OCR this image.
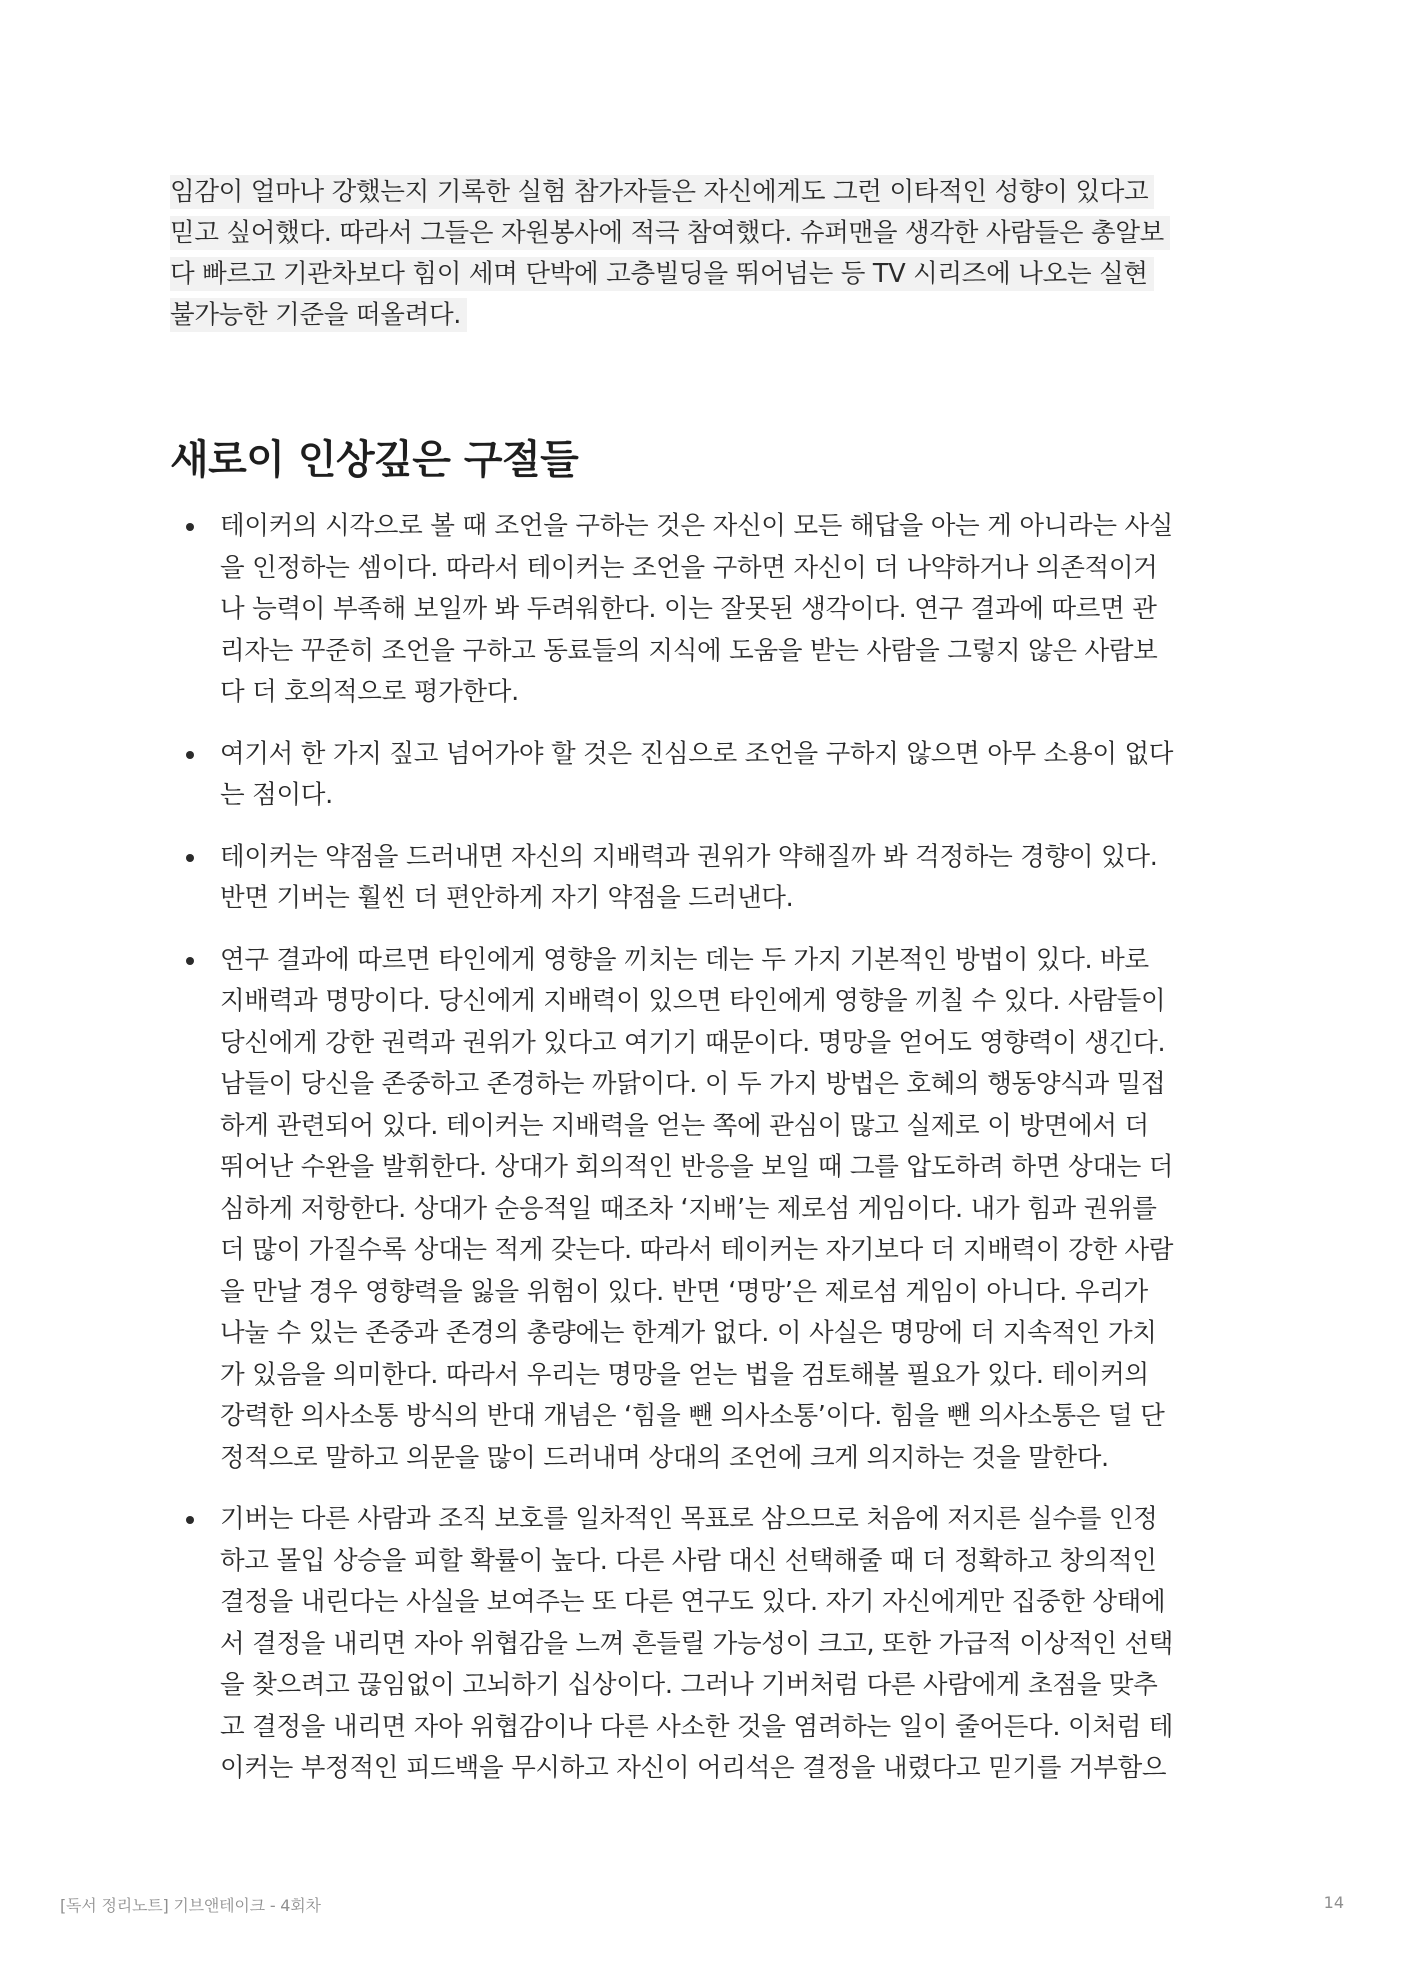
임감이 얼마나 강했는지 기록한 실험 참가자들은 자신에게도 그런 이타적인 성향이 있다고
믿고 싶어했다. 따라서 그들은 자원봉사에 적극 참여했다. 슈퍼맨을 생각한 사람들은 총알보
다 빠르고 기관차보다 힘이 세며 단박에 고층빌딩을 뛰어넘는 등 TV 시리즈에 나오는 실현
불가능한 기준을 떠올려다.
새로이 인상깊은 구절들
테이커의 시각으로 볼 때 조언을 구하는 것은 자신이 모든 해답을 아는 게 아니라는 사실
을 인정하는 셈이다. 따라서 테이커는 조언을 구하면 자신이 더 나약하거나 의존적이거
나 능력이 부족해 보일까 봐 두려워한다. 이는 잘못된 생각이다. 연구 결과에 따르면 관
리자는 꾸준히 조언을 구하고 동료들의 지식에 도움을 받는 사람을 그렇지 않은 사람보
다 더 호의적으로 평가한다.
여기서 한 가지 짚고 넘어가야 할 것은 진심으로 조언을 구하지 않으면 아무 소용이 없다
는 점이다.
테이커는 약점을 드러내면 자신의 지배력과 권위가 약해질까 봐 걱정하는 경향이 있다.
반면 기버는 훨씬 더 편안하게 자기 약점을 드러낸다.
연구 결과에 따르면 타인에게 영향을 끼치는 데는 두 가지 기본적인 방법이 있다. 바로
지배력과 명망이다. 당신에게 지배력이 있으면 타인에게 영향을 끼칠 수 있다. 사람들이
당신에게 강한 권력과 권위가 있다고 여기기 때문이다. 명망을 얻어도 영향력이 생긴다.
남들이 당신을 존중하고 존경하는 까닭이다. 이 두 가지 방법은 호혜의 행동양식과 밀접
하게 관련되어 있다. 테이커는 지배력을 얻는 쪽에 관심이 많고 실제로 이 방면에서 더
뛰어난 수완을 발휘한다. 상대가 회의적인 반응을 보일 때 그를 압도하려 하면 상대는 더
심하게 저항한다. 상대가 순응적일 때조차 ‘지배’는 제로섬 게임이다. 내가 힘과 권위를
더 많이 가질수록 상대는 적게 갖는다. 따라서 테이커는 자기보다 더 지배력이 강한 사람
을 만날 경우 영향력을 잃을 위험이 있다. 반면 ‘명망’은 제로섬 게임이 아니다. 우리가
나눌 수 있는 존중과 존경의 총량에는 한계가 없다. 이 사실은 명망에 더 지속적인 가치
가 있음을 의미한다. 따라서 우리는 명망을 얻는 법을 검토해볼 필요가 있다. 테이커의
강력한 의사소통 방식의 반대 개념은 ‘힘을 뺀 의사소통’이다. 힘을 뺀 의사소통은 덜 단
정적으로 말하고 의문을 많이 드러내며 상대의 조언에 크게 의지하는 것을 말한다.
기버는 다른 사람과 조직 보호를 일차적인 목표로 삼으므로 처음에 저지른 실수를 인정
하고 몰입 상승을 피할 확률이 높다. 다른 사람 대신 선택해줄 때 더 정확하고 창의적인
결정을 내린다는 사실을 보여주는 또 다른 연구도 있다. 자기 자신에게만 집중한 상태에
서 결정을 내리면 자아 위협감을 느껴 흔들릴 가능성이 크고, 또한 가급적 이상적인 선택
을 찾으려고 끊임없이 고뇌하기 십상이다. 그러나 기버처럼 다른 사람에게 초점을 맞추
고 결정을 내리면 자아 위협감이나 다른 사소한 것을 염려하는 일이 줄어든다. 이처럼 테
이커는 부정적인 피드백을 무시하고 자신이 어리석은 결정을 내렸다고 믿기를 거부함으
[독서 정리노트] 기브앤테이크 - 4회차	14
